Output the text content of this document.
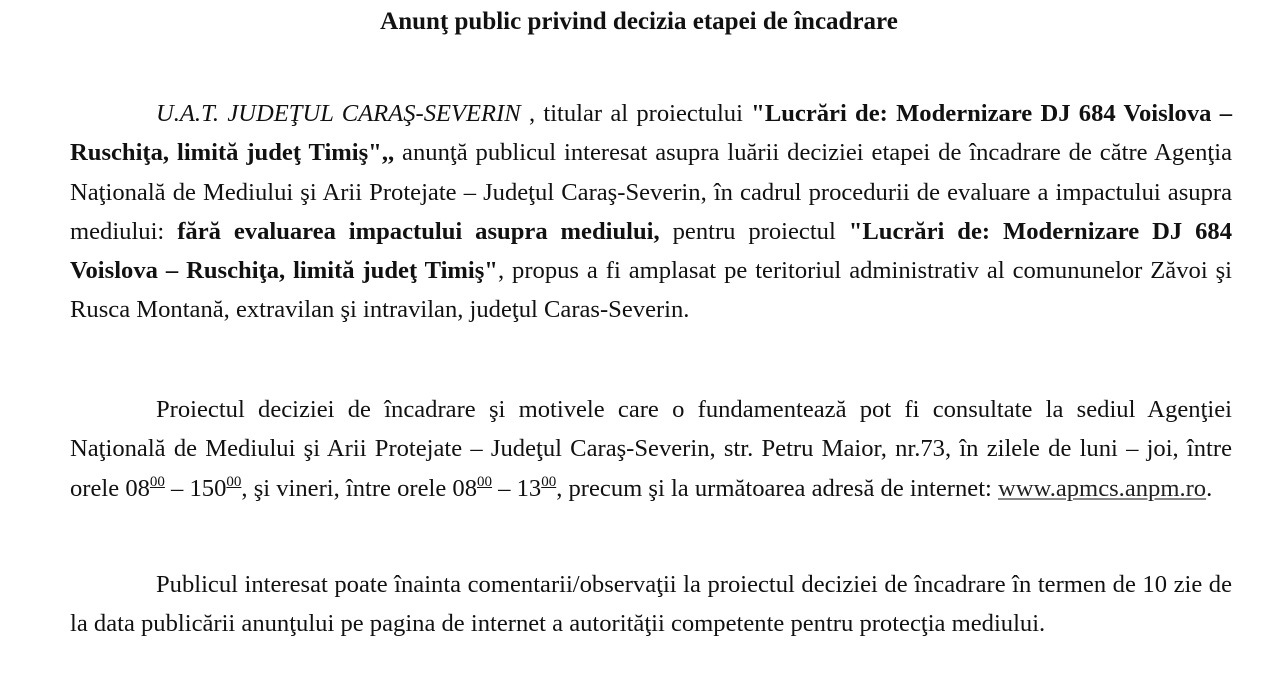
Anunţ public privind decizia etapei de încadrare

U.A.T. JUDEŢUL CARAŞ-SEVERIN , titular al proiectului "Lucrări de: Modernizare DJ 684 Voislova – Ruschiţa, limită judeţ Timiş",, anunţă publicul interesat asupra luării deciziei etapei de încadrare de către Agenţia Naţională de Mediului şi Arii Protejate – Judeţul Caraş-Severin, în cadrul procedurii de evaluare a impactului asupra mediului: fără evaluarea impactului asupra mediului, pentru proiectul "Lucrări de: Modernizare DJ 684 Voislova – Ruschiţa, limită judeţ Timiş", propus a fi amplasat pe teritoriul administrativ al comununelor Zăvoi şi Rusca Montană, extravilan şi intravilan, judeţul Caras-Severin.

Proiectul deciziei de încadrare şi motivele care o fundamentează pot fi consultate la sediul Agenţiei Naţională de Mediului şi Arii Protejate – Judeţul Caraş-Severin, str. Petru Maior, nr.73, în zilele de luni – joi, între orele $08^{00} - 150^{00}$, şi vineri, între orele $08^{00} - 13^{00}$, precum şi la următoarea adresă de internet: www.apmcs.anpm.ro.

Publicul interesat poate înainta comentarii/observaţii la proiectul deciziei de încadrare în termen de 10 zie de la data publicării anunţului pe pagina de internet a autorităţii competente pentru protecţia mediului.
